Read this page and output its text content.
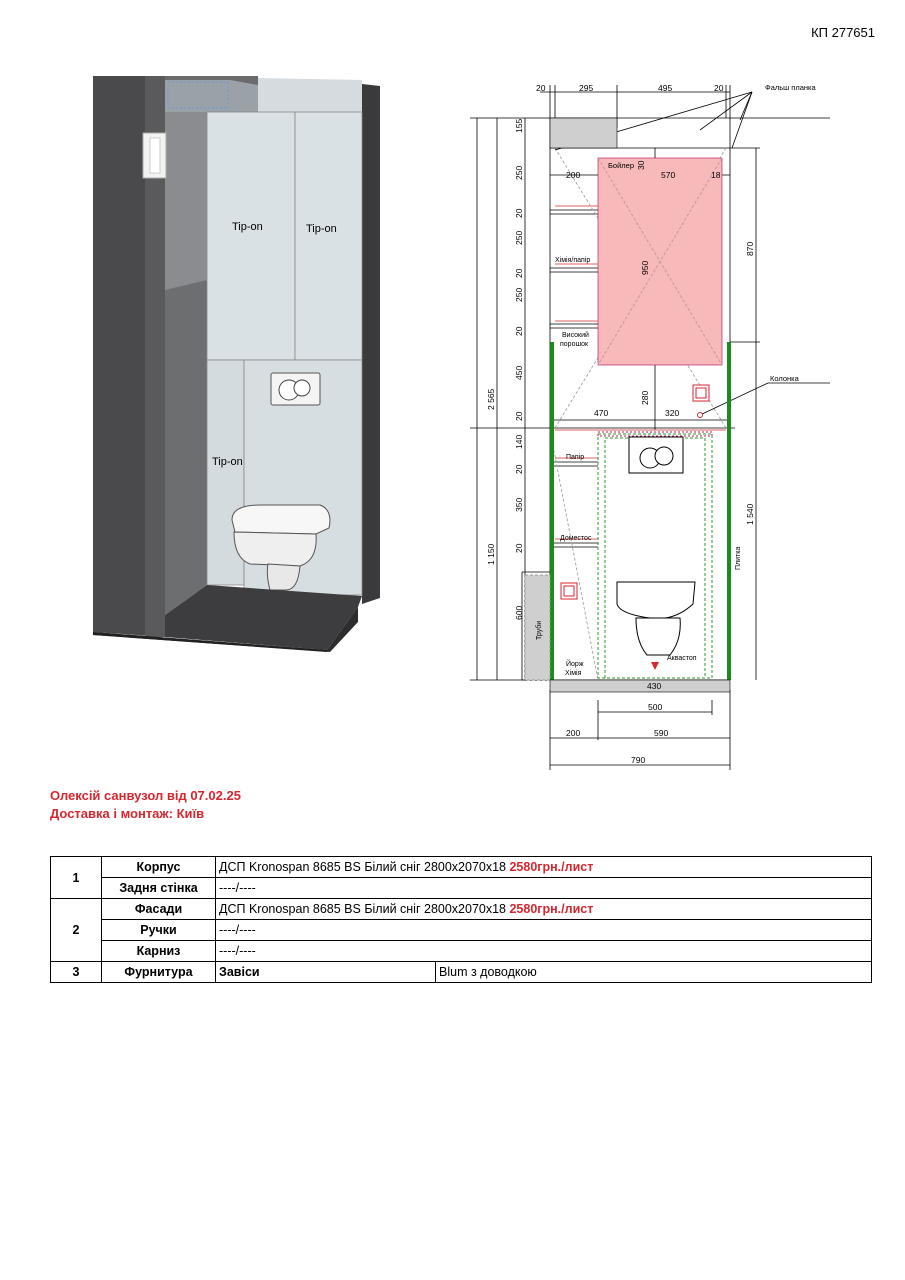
КП 277651
Tip-on	Tip-on
Tip-on
20	295	495	20	Фальш планка
Бойлер
200	570	18
30
950
Хімія/папір
Високий
порошок
470	320
280
Колонка
Папір
Доместос
Труби
Йорж
Хімія
Аквастоп
Плитка
430
500
200	590
790
2 565
1 150
870
1 540
155
250
20
250
20
250
20
450
20
140
20
350
20
600
Олексій санвузол від 07.02.25
Доставка і монтаж: Київ
1	Корпус	ДСП Kronospan 8685 BS Білий сніг 2800x2070x18 2580грн./лист	
	Задня стінка	----/----	
2	Фасади	ДСП Kronospan 8685 BS Білий сніг 2800x2070x18 2580грн./лист	
	Ручки	----/----	
	Карниз	----/----	
3	Фурнитура	Завіси	Blum з доводкою
